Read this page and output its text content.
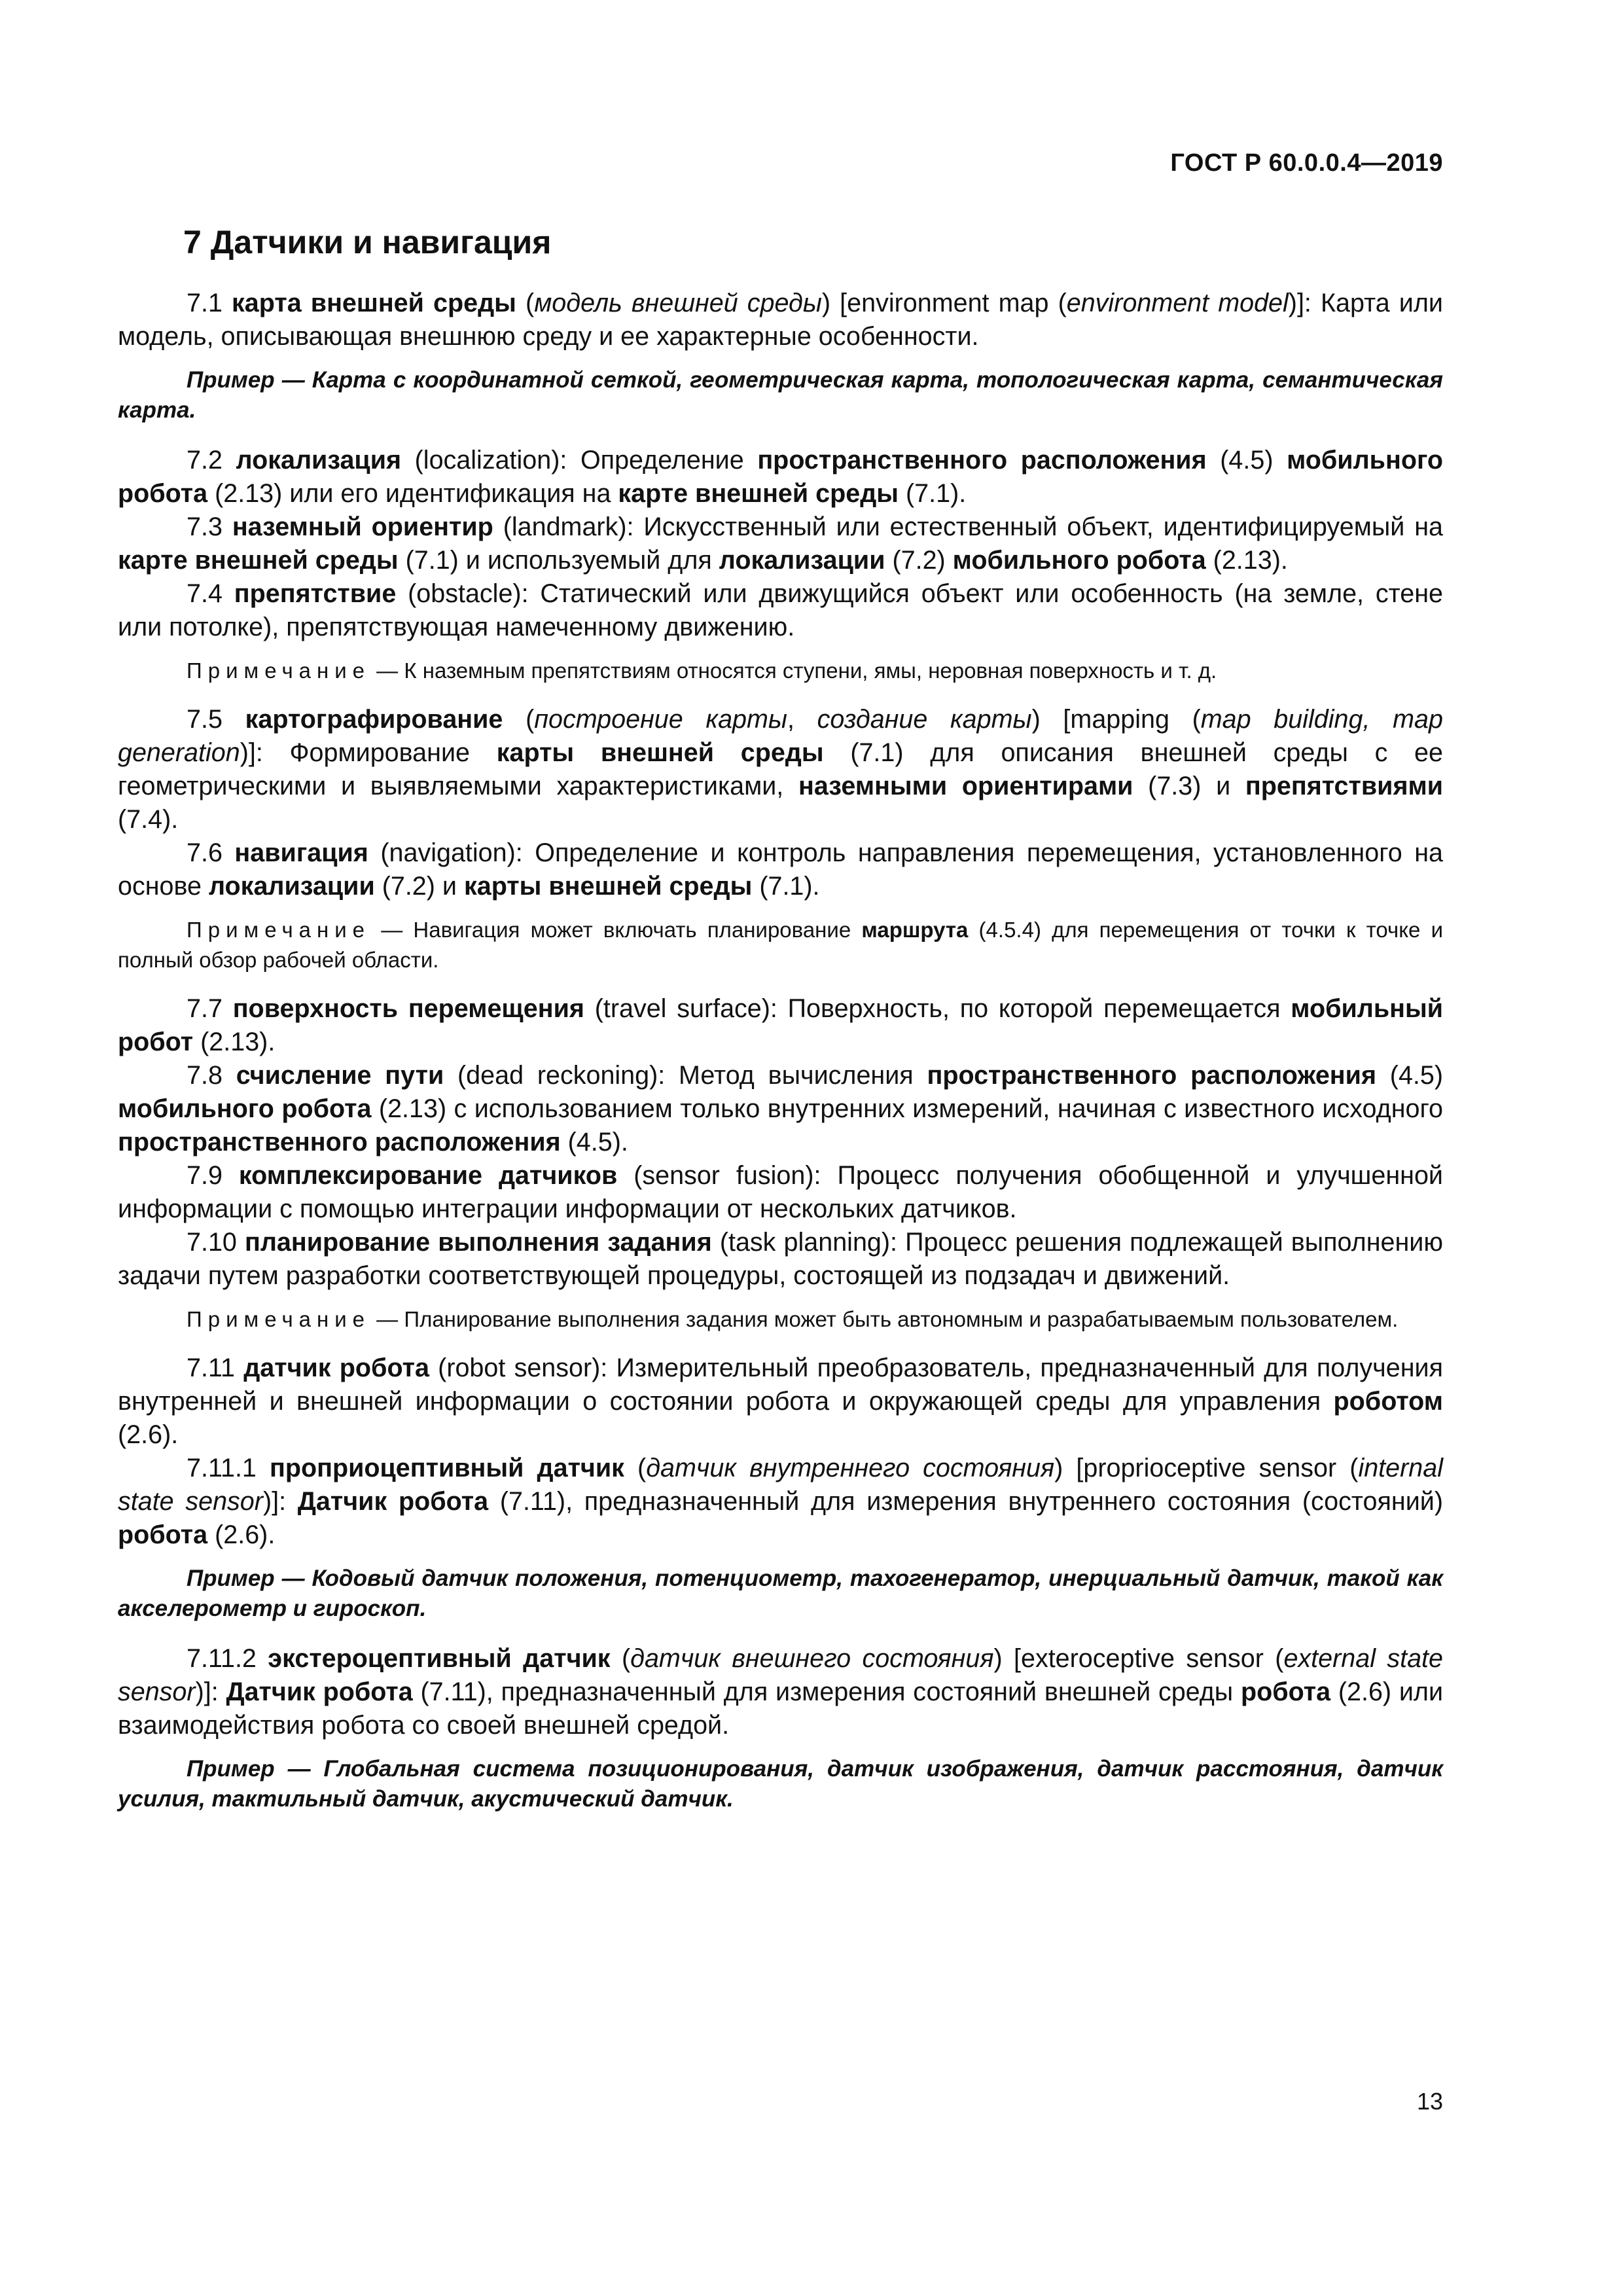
ГОСТ Р 60.0.0.4—2019
7 Датчики и навигация

7.1 карта внешней среды (модель внешней среды) [environment map (environment model)]: Карта или модель, описывающая внешнюю среду и ее характерные особенности.

Пример — Карта с координатной сеткой, геометрическая карта, топологическая карта, семантическая карта.

7.2 локализация (localization): Определение пространственного расположения (4.5) мобильного робота (2.13) или его идентификация на карте внешней среды (7.1).

7.3 наземный ориентир (landmark): Искусственный или естественный объект, идентифицируемый на карте внешней среды (7.1) и используемый для локализации (7.2) мобильного робота (2.13).

7.4 препятствие (obstacle): Статический или движущийся объект или особенность (на земле, стене или потолке), препятствующая намеченному движению.

Примечание — К наземным препятствиям относятся ступени, ямы, неровная поверхность и т. д.

7.5 картографирование (построение карты, создание карты) [mapping (map building, map generation)]: Формирование карты внешней среды (7.1) для описания внешней среды с ее геометрическими и выявляемыми характеристиками, наземными ориентирами (7.3) и препятствиями (7.4).

7.6 навигация (navigation): Определение и контроль направления перемещения, установленного на основе локализации (7.2) и карты внешней среды (7.1).

Примечание — Навигация может включать планирование маршрута (4.5.4) для перемещения от точки к точке и полный обзор рабочей области.

7.7 поверхность перемещения (travel surface): Поверхность, по которой перемещается мобильный робот (2.13).

7.8 счисление пути (dead reckoning): Метод вычисления пространственного расположения (4.5) мобильного робота (2.13) с использованием только внутренних измерений, начиная с известного исходного пространственного расположения (4.5).

7.9 комплексирование датчиков (sensor fusion): Процесс получения обобщенной и улучшенной информации с помощью интеграции информации от нескольких датчиков.

7.10 планирование выполнения задания (task planning): Процесс решения подлежащей выполнению задачи путем разработки соответствующей процедуры, состоящей из подзадач и движений.

Примечание — Планирование выполнения задания может быть автономным и разрабатываемым пользователем.

7.11 датчик робота (robot sensor): Измерительный преобразователь, предназначенный для получения внутренней и внешней информации о состоянии робота и окружающей среды для управления роботом (2.6).

7.11.1 проприоцептивный датчик (датчик внутреннего состояния) [proprioceptive sensor (internal state sensor)]: Датчик робота (7.11), предназначенный для измерения внутреннего состояния (состояний) робота (2.6).

Пример — Кодовый датчик положения, потенциометр, тахогенератор, инерциальный датчик, такой как акселерометр и гироскоп.

7.11.2 экстероцептивный датчик (датчик внешнего состояния) [exteroceptive sensor (external state sensor)]: Датчик робота (7.11), предназначенный для измерения состояний внешней среды робота (2.6) или взаимодействия робота со своей внешней средой.

Пример — Глобальная система позиционирования, датчик изображения, датчик расстояния, датчик усилия, тактильный датчик, акустический датчик.

13
